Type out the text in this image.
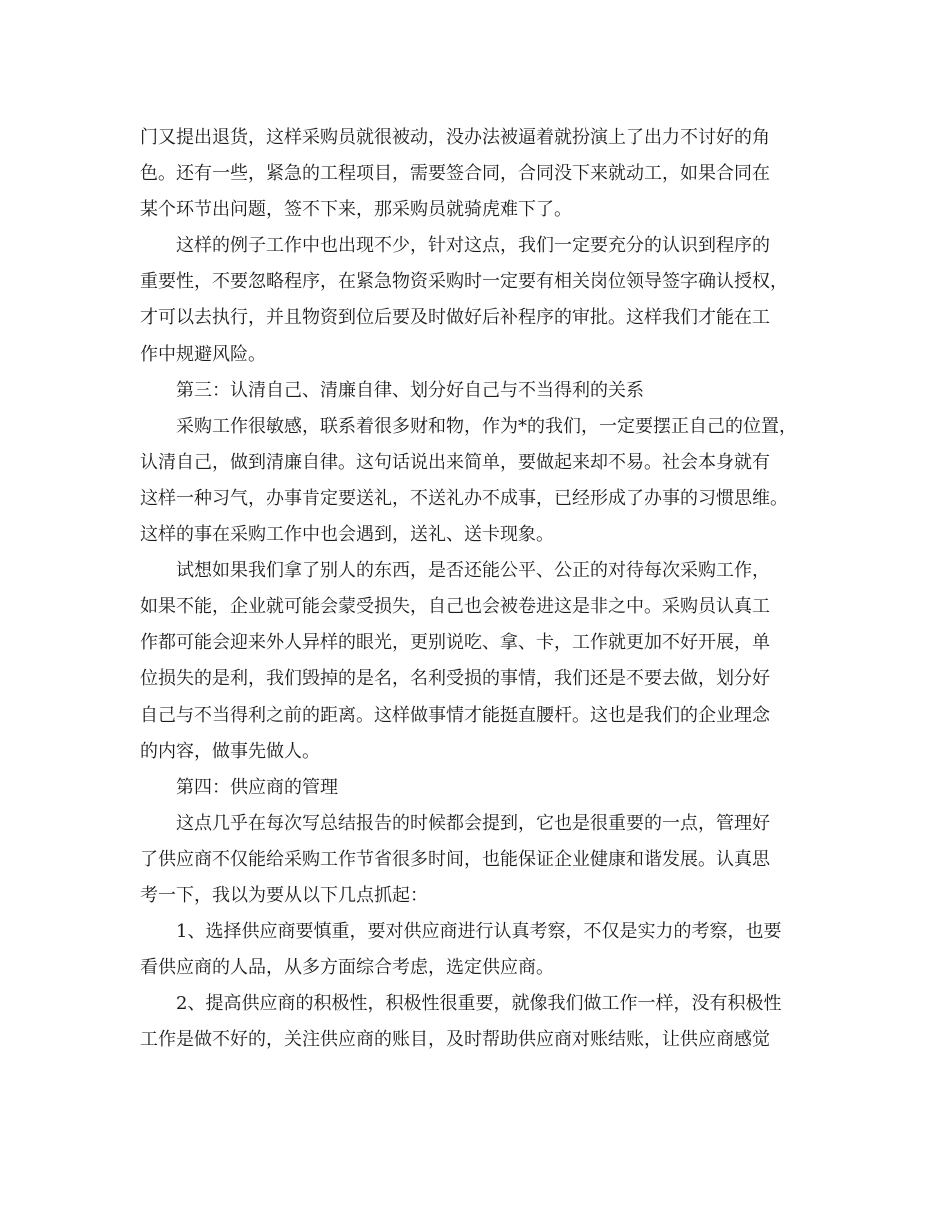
门又提出退货，这样采购员就很被动，没办法被逼着就扮演上了出力不讨好的角
色。还有一些，紧急的工程项目，需要签合同，合同没下来就动工，如果合同在
某个环节出问题，签不下来，那采购员就骑虎难下了。
这样的例子工作中也出现不少，针对这点，我们一定要充分的认识到程序的
重要性，不要忽略程序，在紧急物资采购时一定要有相关岗位领导签字确认授权，
才可以去执行，并且物资到位后要及时做好后补程序的审批。这样我们才能在工
作中规避风险。
第三：认清自己、清廉自律、划分好自己与不当得利的关系
采购工作很敏感，联系着很多财和物，作为*的我们，一定要摆正自己的位置，
认清自己，做到清廉自律。这句话说出来简单，要做起来却不易。社会本身就有
这样一种习气，办事肯定要送礼，不送礼办不成事，已经形成了办事的习惯思维。
这样的事在采购工作中也会遇到，送礼、送卡现象。
试想如果我们拿了别人的东西，是否还能公平、公正的对待每次采购工作，
如果不能，企业就可能会蒙受损失，自己也会被卷进这是非之中。采购员认真工
作都可能会迎来外人异样的眼光，更别说吃、拿、卡，工作就更加不好开展，单
位损失的是利，我们毁掉的是名，名利受损的事情，我们还是不要去做，划分好
自己与不当得利之前的距离。这样做事情才能挺直腰杆。这也是我们的企业理念
的内容，做事先做人。
第四：供应商的管理
这点几乎在每次写总结报告的时候都会提到，它也是很重要的一点，管理好
了供应商不仅能给采购工作节省很多时间，也能保证企业健康和谐发展。认真思
考一下，我以为要从以下几点抓起：
1、选择供应商要慎重，要对供应商进行认真考察，不仅是实力的考察，也要
看供应商的人品，从多方面综合考虑，选定供应商。
2、提高供应商的积极性，积极性很重要，就像我们做工作一样，没有积极性
工作是做不好的，关注供应商的账目，及时帮助供应商对账结账，让供应商感觉
